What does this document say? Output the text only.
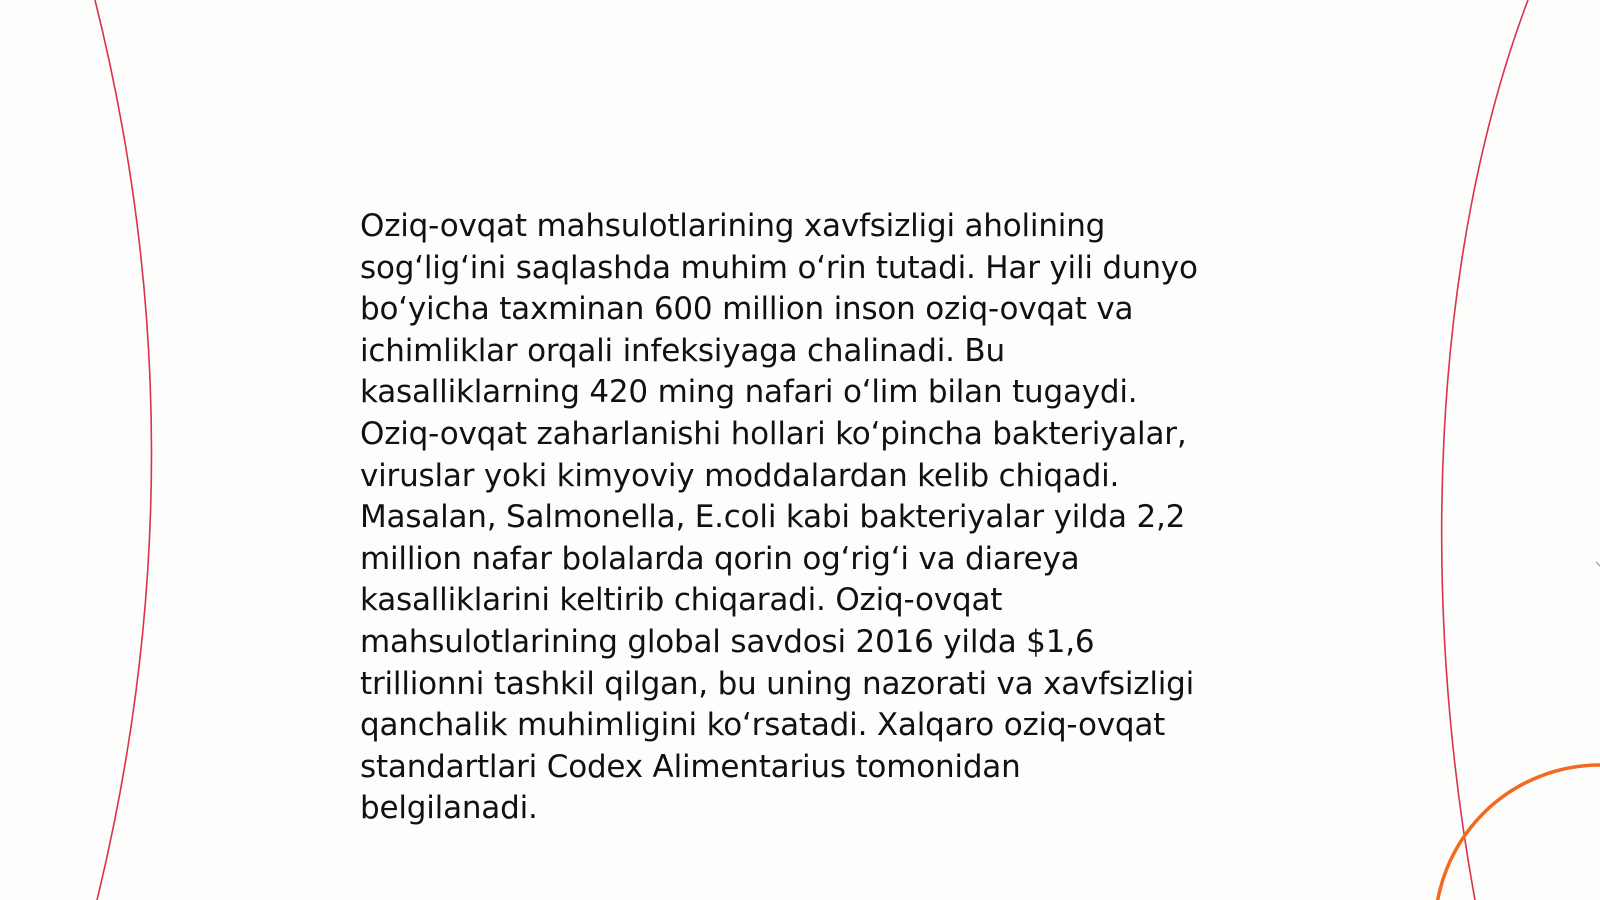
Oziq-ovqat mahsulotlarining xavfsizligi aholining
sog‘lig‘ini saqlashda muhim o‘rin tutadi. Har yili dunyo
bo‘yicha taxminan 600 million inson oziq-ovqat va
ichimliklar orqali infeksiyaga chalinadi. Bu
kasalliklarning 420 ming nafari o‘lim bilan tugaydi.
Oziq-ovqat zaharlanishi hollari ko‘pincha bakteriyalar,
viruslar yoki kimyoviy moddalardan kelib chiqadi.
Masalan, Salmonella, E.coli kabi bakteriyalar yilda 2,2
million nafar bolalarda qorin og‘rig‘i va diareya
kasalliklarini keltirib chiqaradi. Oziq-ovqat
mahsulotlarining global savdosi 2016 yilda $1,6
trillionni tashkil qilgan, bu uning nazorati va xavfsizligi
qanchalik muhimligini ko‘rsatadi. Xalqaro oziq-ovqat
standartlari Codex Alimentarius tomonidan
belgilanadi.
